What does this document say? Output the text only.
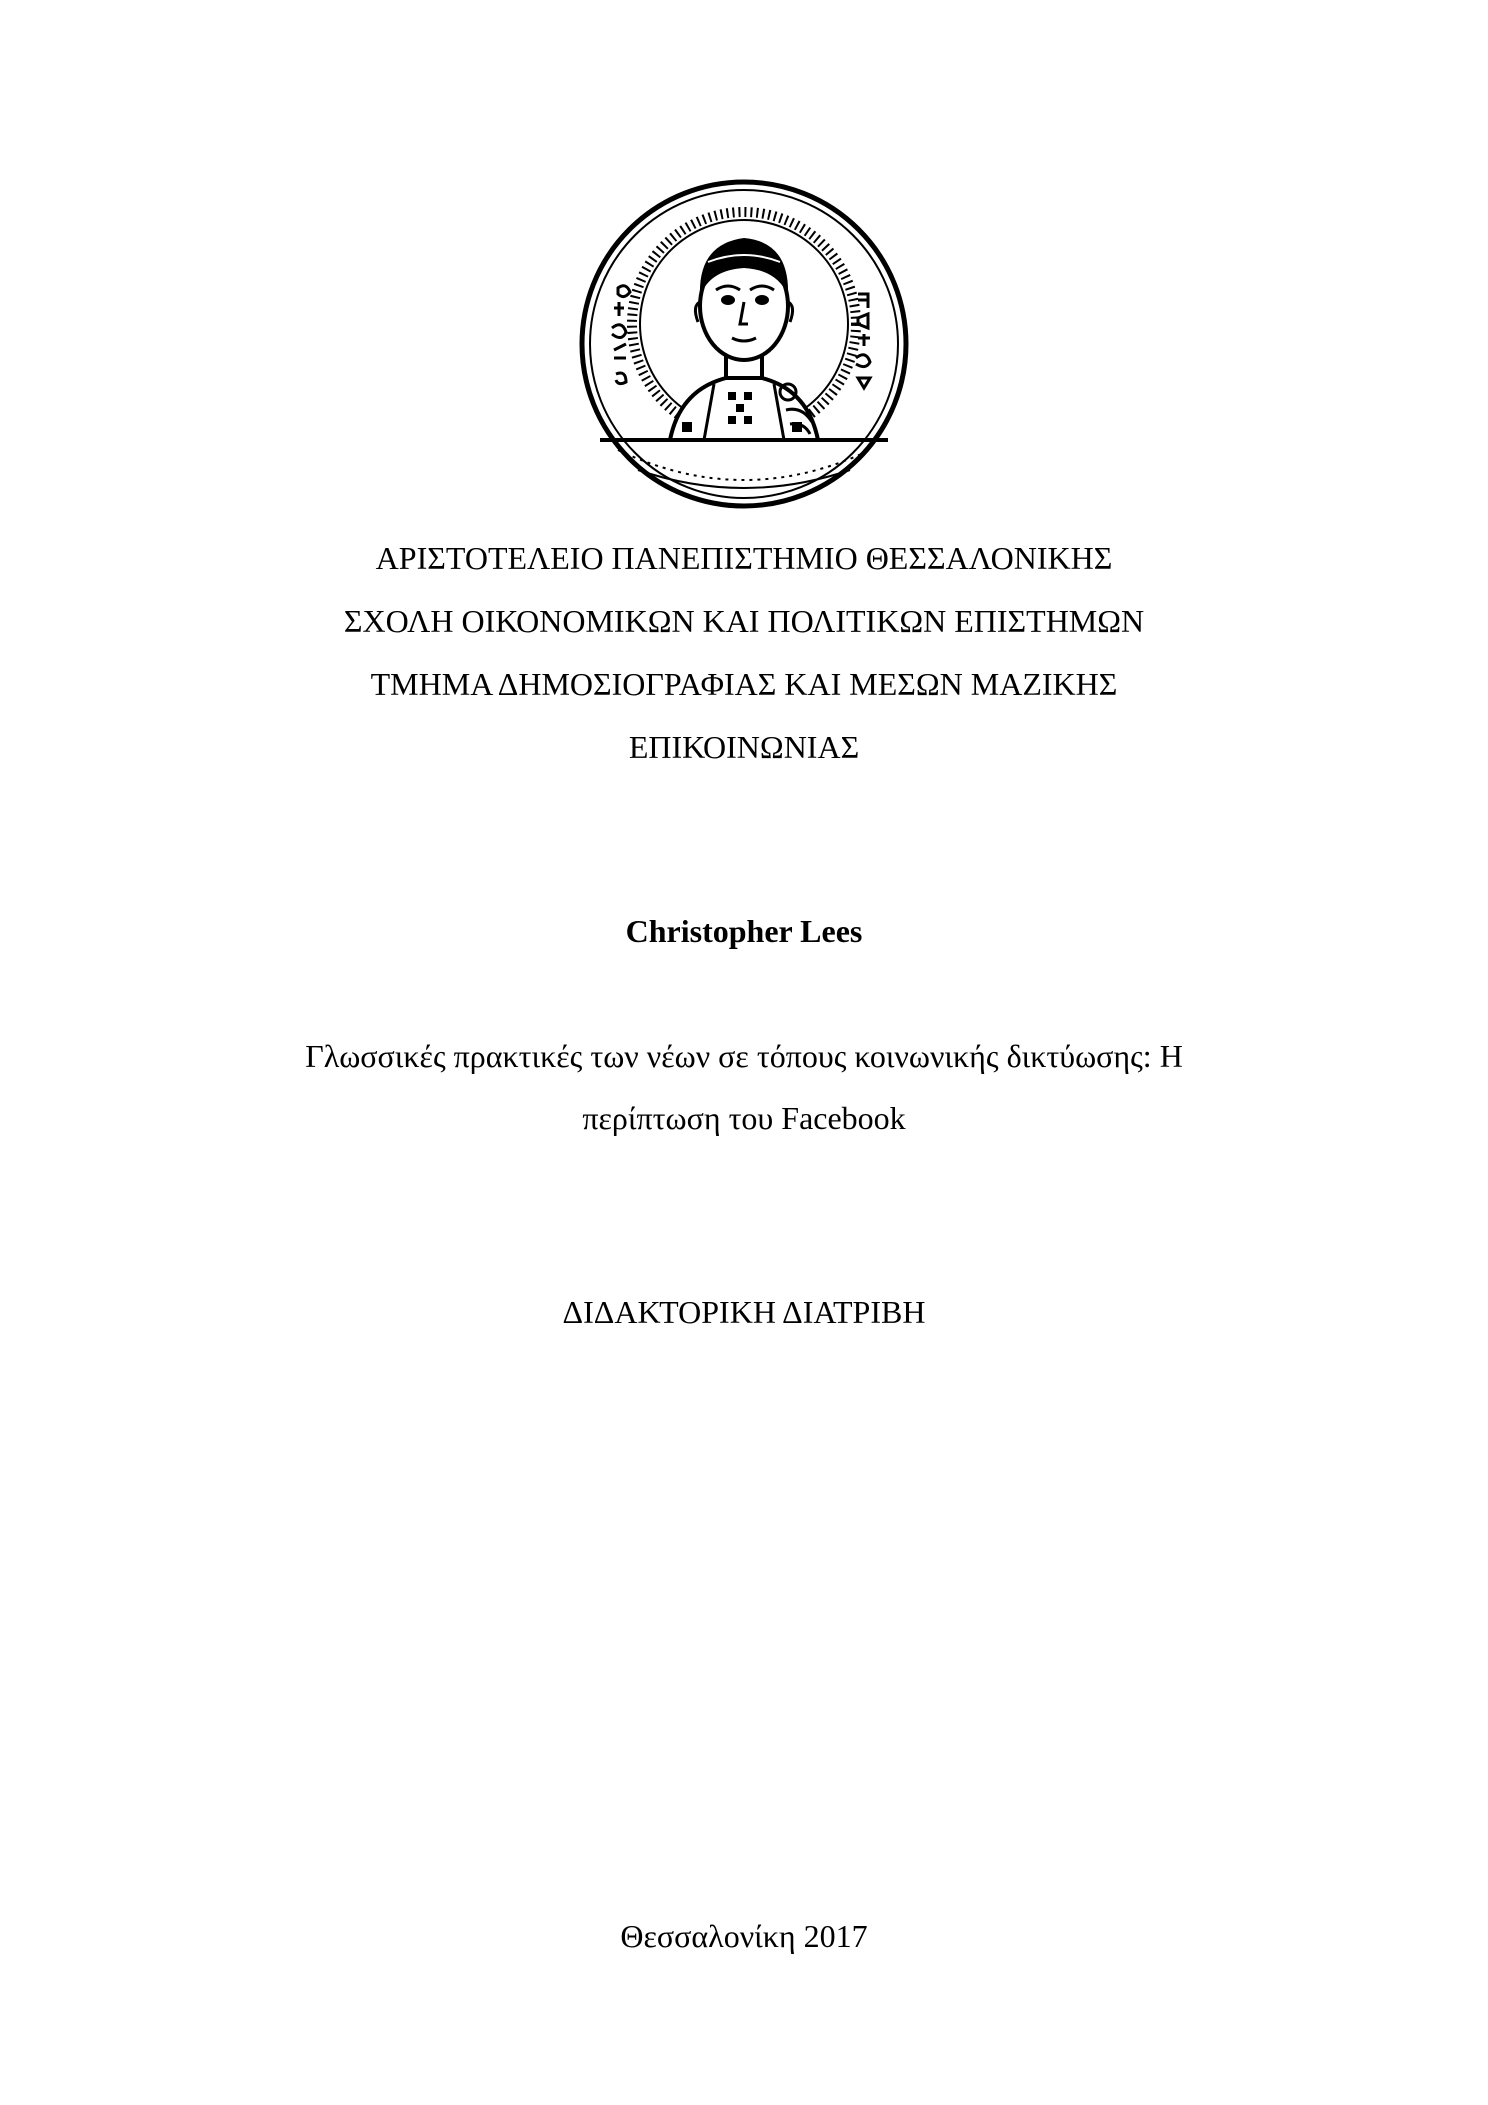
ΑΡΙΣΤΟΤΕΛΕΙΟ ΠΑΝΕΠΙΣΤΗΜΙΟ ΘΕΣΣΑΛΟΝΙΚΗΣ
ΣΧΟΛΗ ΟΙΚΟΝΟΜΙΚΩΝ ΚΑΙ ΠΟΛΙΤΙΚΩΝ ΕΠΙΣΤΗΜΩΝ
ΤΜΗΜΑ ΔΗΜΟΣΙΟΓΡΑΦΙΑΣ ΚΑΙ ΜΕΣΩΝ ΜΑΖΙΚΗΣ
ΕΠΙΚΟΙΝΩΝΙΑΣ
Christopher Lees
Γλωσσικές πρακτικές των νέων σε τόπους κοινωνικής δικτύωσης: Η
περίπτωση του Facebook
ΔΙΔΑΚΤΟΡΙΚΗ ΔΙΑΤΡΙΒΗ
Θεσσαλονίκη 2017
